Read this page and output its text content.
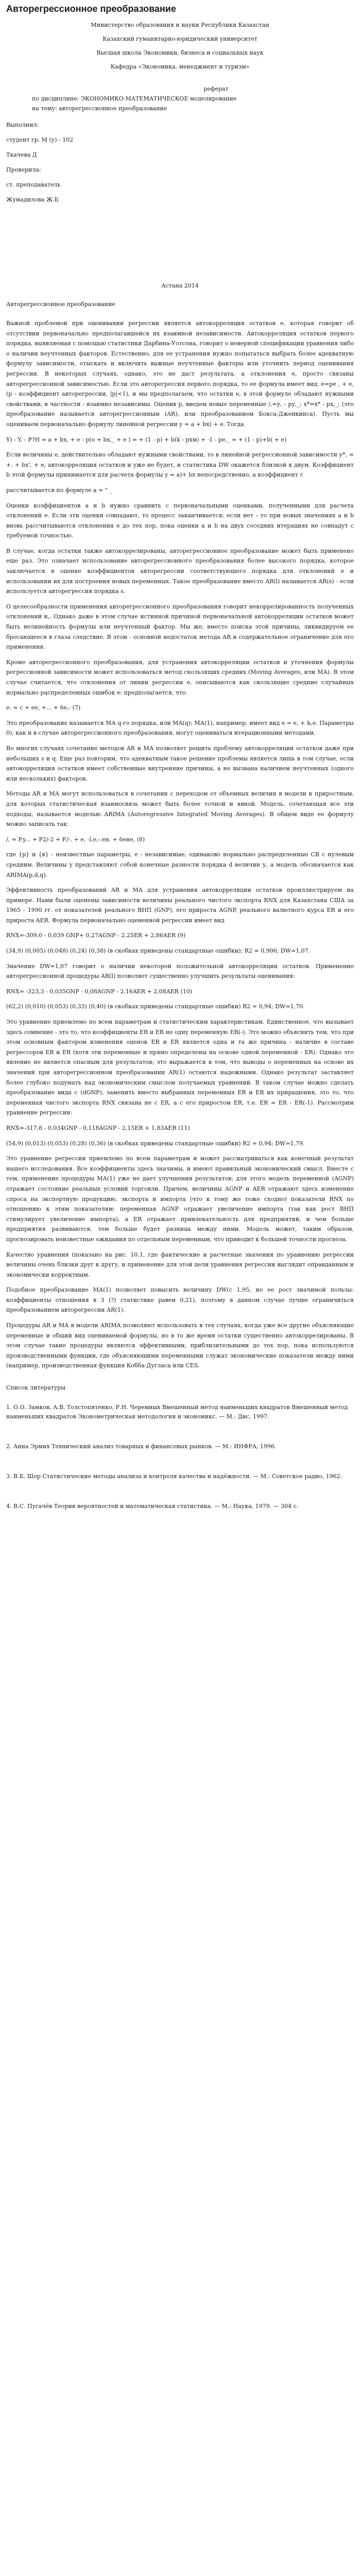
Авторегрессионное преобразование
Министерство образования и науки Республики Казахстан
Казахский гуманитарно-юридический университет
Высшая школа Экономики, бизнеса и социальных наук
Кафедра «Экономика, менеджмент и туризм»
реферат
по дисциплине: ЭКОНОМИКО-МАТЕМАТИЧЕСКОЕ моделирование
на тему: авторегрессионное преобразование
Выполнил:
студент гр. М (у) - 102
Ткачева Д
Проверила:
ст. преподаватель
Жумадилова Ж.Б
Астана 2014
Авторегрессионное преобразование
Важной проблемой при оценивании регрессии является автокорреляция остатков е, которая говорит об отсутствии первоначально предполагавшейся их взаимной независимости. Автокорреляция остатков первого порядка, выявляемая с помощью статистики Дарбина-Уотсона, говорит о неверной спецификации уравнения либо о наличии неучтенных факторов. Естественно, для ее устранения нужно попытаться выбрать более адекватную формулу зависимости, отыскать и включить важные неучтенные факторы или уточнить период оценивания регрессии. В некоторых случаях, однако, это не даст результата, а отклонения е, просто связаны авторегрессионной зависимостью. Если это авторегрессия первого порядка, то ее формула имеет вид: е=ре , + е, (р - коэффициент авторегрессии, |р|<1), и мы предполагаем, что остатки е, в этой формуле обладают нужными свойствами, в частности - взаимно независимы. Оценив р, введем новые переменные /,=у, - ру,_; х*=х* - рх,_; (это преобразование называется авторегрессионным (AR), или преобразованием Бокса-Дженкинса). Пусть мы оцениваем первоначально формулу линейной регрессии у = а + bx) + е. Тогда
Y) - Y, - P?H = a + bx, + e - p(o + bx,_ + e ) = + (1 - p) + b(k - pxм) + ·1 - pe,_ = + (1 - p)+b( + e)
Если величины е, действительно обладают нужными свойствами, то в линейной регрессионной зависимости у*, = +. + bx', + е, автокорреляция остатков и уже не будет, и статистика DW окажется близкой к двум. Коэффициент b этой формулы принимается для расчета формулы у = а)+ bx непосредственно, а коэффициент с
рассчитывается по формуле а = " _
Оценки коэффициентов а и b нужно сравнить с первоначальными оценками, полученными для расчета отклонений е. Если эти оценки совпадают, то процесс заканчивается; если нет - то при новых значениях а и b вновь рассчитываются отклонения е до тех пор, пока оценки а и b на двух соседних итерациях не совпадут с требуемой точностью.
В случае, когда остатки также автокоррелированы, авторегрессионное преобразование может быть применено еще раз. Это означает использование авторегрессионного преобразования более высокого порядка, которое заключается в оценке коэффициентов авторегрессии соответствующего порядка для отклонений е и использовании их для построения новых переменных. Такое преобразование вместо AR(l) называется AR(s) - если используется авторегрессия порядка s.
О целесообразности применения авторегрессионного преобразования говорит некоррелированность полученных отклонений и,. Однако даже в этом случае истинной причиной первоначальной автокорреляции остатков может быть нелинейность формулы или неучтенный фактор. Мы же, вместо поиска этой причины, ликвидируем ее бросающееся в глаза следствие. В этом - основной недостаток метода AR и содержательное ограничение для его применения.
Кроме авторегрессионного преобразования, для устранения автокорреляции остатков и уточнения формулы регрессионной зависимости может использоваться метод скользящих средних (Moving Averages, или МА). В этом случае считается, что отклонения от линии регрессии е, описываются как скользящие средние случайных нормально распределенных ошибок е: предполагается, что
е. = c + ee, +... + 6е,- (7)
Это преобразование называется МА q-го порядка, или MA(q); МА(1), например, имеет вид е = e, + Ь,e. Параметры 0), как и в случае авторегрессионного преобразования, могут оцениваться итерационными методами.
Во многих случаях сочетание методов AR и МА позволяет решить проблему автокорреляции остатков даже при небольших s и q. Еще раз повторим, что адекватным такое решение проблемы является лишь в том случае, если автокорреляция остатков имеет собственные внутренние причины, а не вызвана наличием неучтенных (одного или нескольких) факторов.
Методы AR и МА могут использоваться в сочетании с переходом от объемных величин в модели к приростным, для которых статистическая взаимосвязь может быть более точной и явной. Модель, сочетающая все эти подходы, называется моделью ARIMA (Autoregressive Integrated Moving Averages). В общем виде ее формулу можно записать так:
/, = P.y... + P2/-2 + P./-. + е, -l,е,-.ен. + 6ене, (8)
где {р} и {в} - неизвестные параметры, е - независимые, одинаково нормально распределенные СВ с нулевым средним. Величины у представляют собой конечные разности порядка d величин у, а модель обозначается как ARIMA(p,d,q).
Эффективность преобразований AR и МА для устранения автокорреляции остатков проиллюстрируем на примере. Нами были оценены зависимости величины реального чистого экспорта RNX для Казахстана США за 1965 - 1990 гг. от показателей реального ВНП (GNP), его прироста AGNP, реального валютного курса ER и его прироста AER. Формула первоначально оцененной регрессии имеет вид
RNX=-309,0 - 0,039 GNP+ 0,27AGNP - 2,25ER + 2,86AER (9)
(34,9) (0,005) (0,048) (0,24) (0,38) (в скобках приведены стандартные ошибки); R2 = 0,906; DW=1,07.
Значение DW=1,07 говорит о наличии некоторой положительной автокорреляции остатков. Применение авторегрессионной процедуры AR(l) позволяет существенно улучшить результаты оценивания:
RNX= -323,3 - 0,035GNP - 0,08AGNP - 2,16AER + 2,08AER (10)
(62,2) (0,010) (0,053) (0,33) (0,40) (в скобках приведены стандартные ошибки) R2 = 0,94; DW=1,70.
Это уравнение приемлемо по всем параметрам и статистическим характеристикам. Единственное, что вызывает здесь сомнение - это то, что коэффициенты ER и ER не одну переменную ER(-). Это можно объяснить тем, что при этом основным фактором изменения оценок ER и ER является одна и та же причина - наличие в составе регрессоров ER и ER (хотя эти переменные и прямо определены на основе одной переменной - ER). Однако это явление не является опасным для результатов; это выражается в том, что выводы о переменных на основе их значений при авторегрессионном преобразовании AR(1) остаются надежными. Однако результат заставляет более глубоко подумать над экономическим смыслом получаемых уравнений. В таком случае можно сделать преобразование вида с (dGNP), заменить вместо выбранных переменных ER и ER их приращения, это то, что переменная чистого экспорта RNX связана не с ER, а с его приростом ER, т.е. ER = ER - ER(-1). Рассмотрим уравнение регрессии:
RNX=-317,8 - 0,034GNP - 0,118AGNP - 2,15ER + 1,83AER (11)
(54,9) (0,013) (0,053) (0,28) (0,36) (в скобках приведены стандартные ошибки) R2 = 0,94; DW=1,79.
Это уравнение регрессии приемлемо по всем параметрам и может рассматриваться как конечный результат нашего исследования. Все коэффициенты здесь значимы, и имеют правильный экономический смысл. Вместе с тем, применение процедуры МА(1) уже не дает улучшения результатов; для этого модель переменной (AGNP) отражает состояние реальных условий торговли. Причем, величины AGNP и AER отражают здесь изменение спроса на экспортную продукцию, экспорта и импорта (что к тому же тоже сходно) показатели RNX по отношению к этим показателям: переменная AGNP отражает увеличение импорта (так как рост ВНП стимулирует увеличение импорта), а ER отражает привлекательность для предприятий, и чем больше предприятия развиваются, тем больше будет разница между ними. Модель может, таким образом, прогнозировать неизвестные ожидания по отдельным переменным, что приводит к большей точности прогноза.
Качество уравнения (показано на рис. 10.1, где фактические и расчетные значения по уравнению регрессии величины очень близки друг к другу, и применение для этой цели уравнения регрессии выглядит оправданным и экономически корректным.
Подобное преобразование МА(1) позволяет повысить величину DW(с 1,95, но ее рост значимой пользы: коэффициенты отношения в 3 (?) статистике равен 0,21), поэтому в данном случае лучше ограничиться преобразованием авторегрессии AR(1).
Процедуры AR и МА в модели ARIMA позволяют использовать в тех случаях, когда уже все другие объясняющие переменные и общий вид оцениваемой формулы, но в то же время остатки существенно автокоррелированы. В этом случае такие процедуры являются эффективными, приблизительными до тех пор, пока используются производственными функции, где объясняющими переменными служат экономические показатели между ними (например, производственная функция Кобба-Дугласа или CES.
Список литературы
1. О.О. Замков, А.В. Толстопятенко, Р.Н. Черемных Вмешенный метод наименьших квадратов Вмешенный метод наименьших квадратов Эконометрическая методология и экономикс. — М.: Дис, 1997.
2. Анна Эрмих Технический анализ товарных и финансовых рынков. — М.: ИНФРА, 1996.
3. В.Б. Шор Статистические методы анализа и контроля качества и надёжности. — М.: Советское радио, 1962.
4. В.С. Пугачёв Теория вероятностей и математическая статистика. — М.: Наука, 1979. — 304 с.
